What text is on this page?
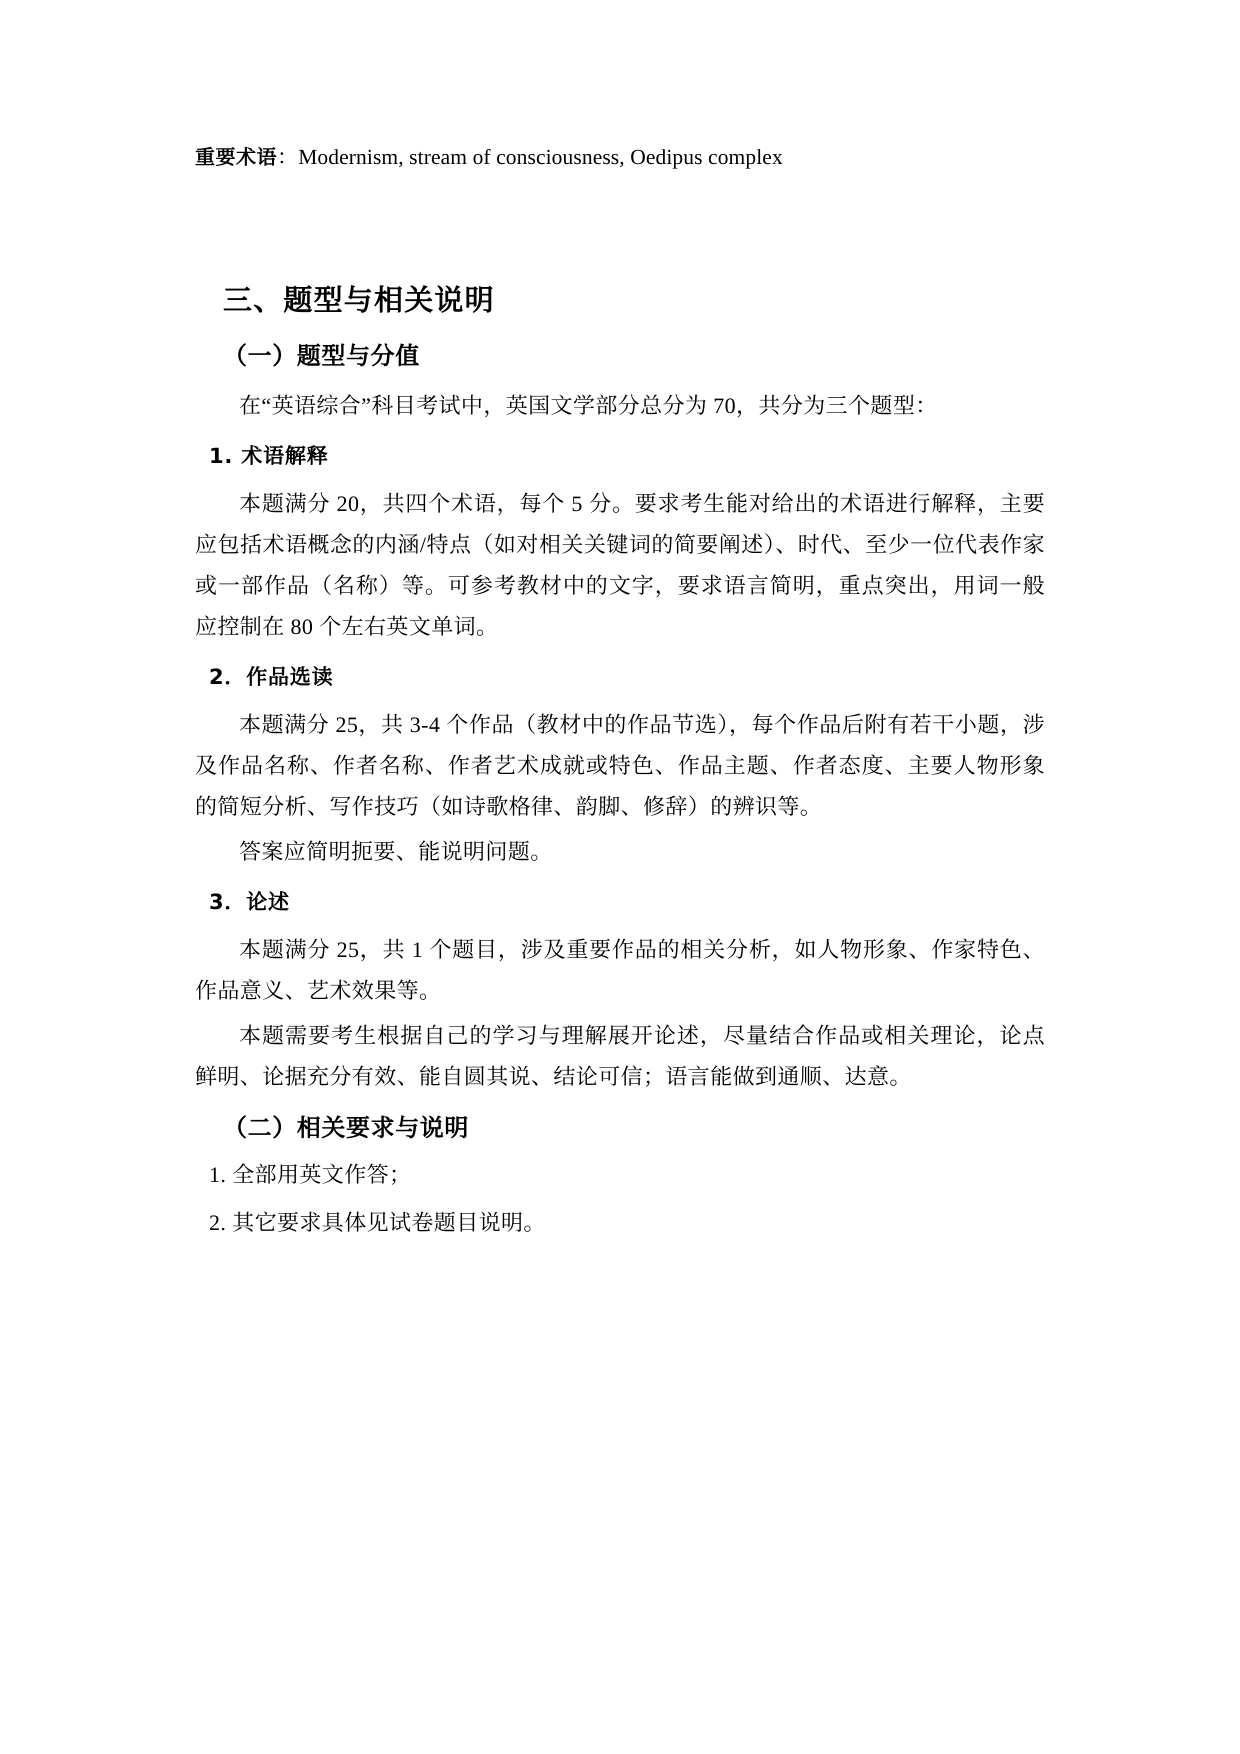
重要术语：Modernism, stream of consciousness, Oedipus complex

三、题型与相关说明
（一）题型与分值

在“英语综合”科目考试中，英国文学部分总分为 70，共分为三个题型：

1. 术语解释

本题满分 20，共四个术语，每个 5 分。要求考生能对给出的术语进行解释，主要应包括术语概念的内涵/特点（如对相关关键词的简要阐述）、时代、至少一位代表作家或一部作品（名称）等。可参考教材中的文字，要求语言简明，重点突出，用词一般应控制在 80 个左右英文单词。

2．作品选读

本题满分 25，共 3-4 个作品（教材中的作品节选），每个作品后附有若干小题，涉及作品名称、作者名称、作者艺术成就或特色、作品主题、作者态度、主要人物形象的简短分析、写作技巧（如诗歌格律、韵脚、修辞）的辨识等。

答案应简明扼要、能说明问题。

3．论述

本题满分 25，共 1 个题目，涉及重要作品的相关分析，如人物形象、作家特色、作品意义、艺术效果等。

本题需要考生根据自己的学习与理解展开论述，尽量结合作品或相关理论，论点鲜明、论据充分有效、能自圆其说、结论可信；语言能做到通顺、达意。

（二）相关要求与说明

1. 全部用英文作答；

2. 其它要求具体见试卷题目说明。
